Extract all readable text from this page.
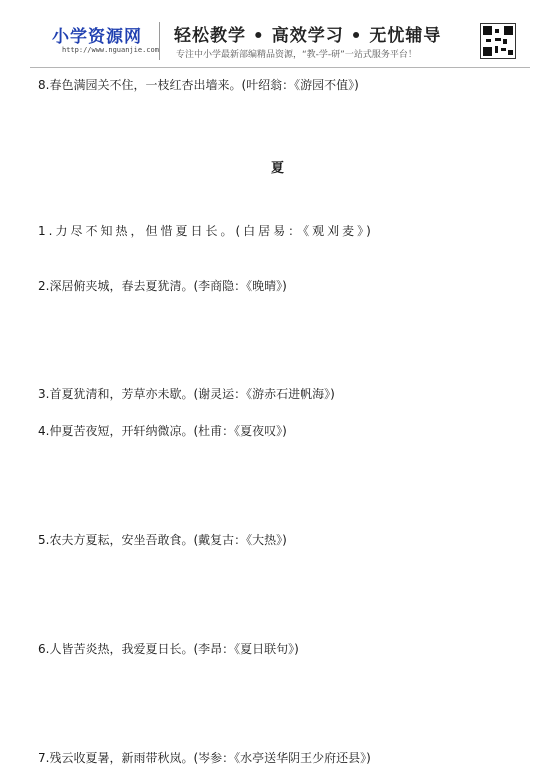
小学资源网
http://www.nguanjie.com
轻松教学 • 高效学习 • 无忧辅导
专注中小学最新部编精品资源，“教-学-研”一站式服务平台！
8.春色满园关不住，一枝红杏出墙来。(叶绍翁：《游园不值》)
夏
1.力尽不知热，但惜夏日长。(白居易：《观刈麦》)
2.深居俯夹城，春去夏犹清。(李商隐：《晚晴》)
3.首夏犹清和，芳草亦未歇。(谢灵运：《游赤石进帆海》)
4.仲夏苦夜短，开轩纳微凉。(杜甫：《夏夜叹》)
5.农夫方夏耘，安坐吾敢食。(戴复古：《大热》)
6.人皆苦炎热，我爱夏日长。(李昂：《夏日联句》)
7.残云收夏暑，新雨带秋岚。(岑参：《水亭送华阴王少府还县》)
